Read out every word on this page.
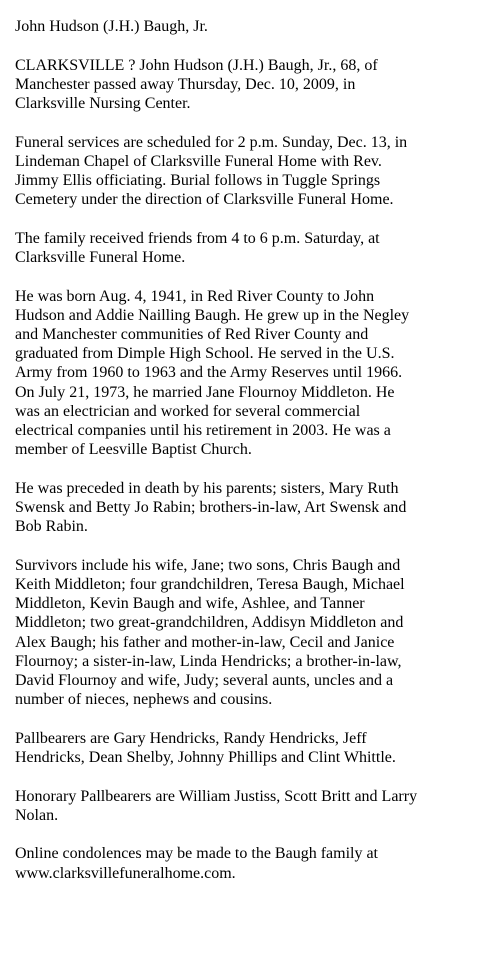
John Hudson (J.H.) Baugh, Jr.

CLARKSVILLE ? John Hudson (J.H.) Baugh, Jr., 68, of
Manchester passed away Thursday, Dec. 10, 2009, in
Clarksville Nursing Center.

Funeral services are scheduled for 2 p.m. Sunday, Dec. 13, in
Lindeman Chapel of Clarksville Funeral Home with Rev.
Jimmy Ellis officiating. Burial follows in Tuggle Springs
Cemetery under the direction of Clarksville Funeral Home.

The family received friends from 4 to 6 p.m. Saturday, at
Clarksville Funeral Home.

He was born Aug. 4, 1941, in Red River County to John
Hudson and Addie Nailling Baugh. He grew up in the Negley
and Manchester communities of Red River County and
graduated from Dimple High School. He served in the U.S.
Army from 1960 to 1963 and the Army Reserves until 1966.
On July 21, 1973, he married Jane Flournoy Middleton. He
was an electrician and worked for several commercial
electrical companies until his retirement in 2003. He was a
member of Leesville Baptist Church.

He was preceded in death by his parents; sisters, Mary Ruth
Swensk and Betty Jo Rabin; brothers-in-law, Art Swensk and
Bob Rabin.

Survivors include his wife, Jane; two sons, Chris Baugh and
Keith Middleton; four grandchildren, Teresa Baugh, Michael
Middleton, Kevin Baugh and wife, Ashlee, and Tanner
Middleton; two great-grandchildren, Addisyn Middleton and
Alex Baugh; his father and mother-in-law, Cecil and Janice
Flournoy; a sister-in-law, Linda Hendricks; a brother-in-law,
David Flournoy and wife, Judy; several aunts, uncles and a
number of nieces, nephews and cousins.

Pallbearers are Gary Hendricks, Randy Hendricks, Jeff
Hendricks, Dean Shelby, Johnny Phillips and Clint Whittle.

Honorary Pallbearers are William Justiss, Scott Britt and Larry
Nolan.

Online condolences may be made to the Baugh family at
www.clarksvillefuneralhome.com.
